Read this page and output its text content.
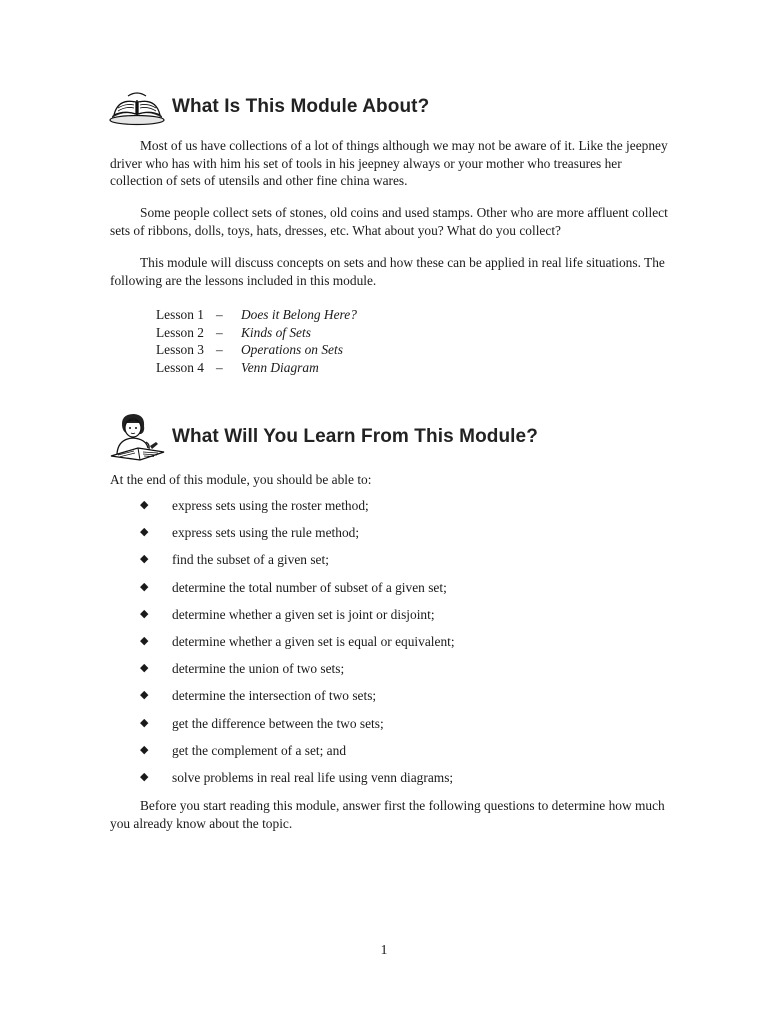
What Is This Module About?

Most of us have collections of a lot of things although we may not be aware of it. Like the jeepney driver who has with him his set of tools in his jeepney always or your mother who treasures her collection of sets of utensils and other fine china wares.

Some people collect sets of stones, old coins and used stamps. Other who are more affluent collect sets of ribbons, dolls, toys, hats, dresses, etc. What about you? What do you collect?

This module will discuss concepts on sets and how these can be applied in real life situations. The following are the lessons included in this module.

Lesson 1 –	Does it Belong Here?
Lesson 2 –	Kinds of Sets
Lesson 3 –	Operations on Sets
Lesson 4 –	Venn Diagram
What Will You Learn From This Module?

At the end of this module, you should be able to:

◆	express sets using the roster method;
◆	express sets using the rule method;
◆	find the subset of a given set;
◆	determine the total number of subset of a given set;
◆	determine whether a given set is joint or disjoint;
◆	determine whether a given set is equal or equivalent;
◆	determine the union of two sets;
◆	determine the intersection of two sets;
◆	get the difference between the two sets;
◆	get the complement of a set; and
◆	solve problems in real real life using venn diagrams;

Before you start reading this module, answer first the following questions to determine how much you already know about the topic.

1
